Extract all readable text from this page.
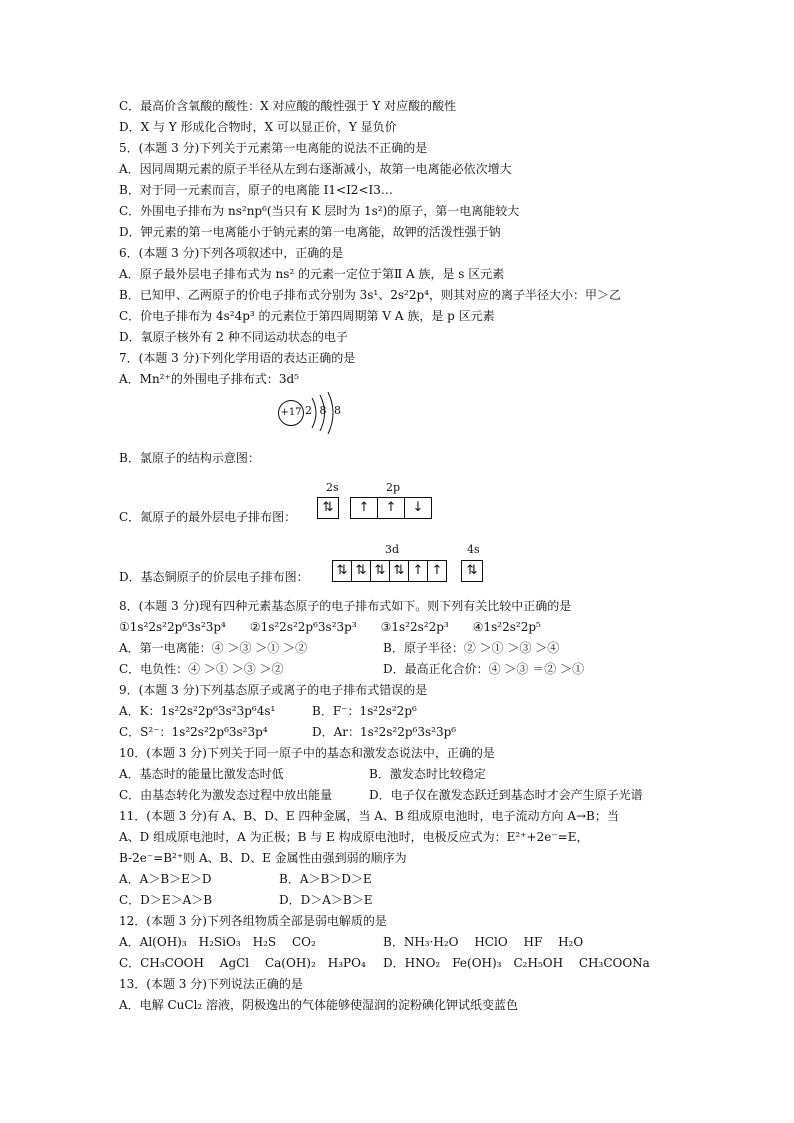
C．最高价含氧酸的酸性：X 对应酸的酸性强于 Y 对应酸的酸性
D．X 与 Y 形成化合物时，X 可以显正价，Y 显负价
5．(本题 3 分)下列关于元素第一电离能的说法不正确的是
A．因同周期元素的原子半径从左到右逐渐减小，故第一电离能必依次增大
B．对于同一元素而言，原子的电离能 I1<I2<I3…
C．外围电子排布为 ns²np⁶(当只有 K 层时为 1s²)的原子，第一电离能较大
D．钾元素的第一电离能小于钠元素的第一电离能，故钾的活泼性强于钠
6．(本题 3 分)下列各项叙述中，正确的是
A．原子最外层电子排布式为 ns² 的元素一定位于第Ⅱ A 族，是 s 区元素
B．已知甲、乙两原子的价电子排布式分别为 3s¹、2s²2p⁴，则其对应的离子半径大小：甲＞乙
C．价电子排布为 4s²4p³ 的元素位于第四周期第 Ⅴ A 族，是 p 区元素
D．氧原子核外有 2 种不同运动状态的电子
7．(本题 3 分)下列化学用语的表达正确的是
A．Mn²⁺的外围电子排布式：3d⁵
+17 2 8 8
B．氯原子的结构示意图：
2s	2p
⇅	↑	↑	↓
C．氮原子的最外层电子排布图：
3d	4s
⇅ ⇅ ⇅ ⇅ ↑ ↑	⇅
D．基态铜原子的价层电子排布图：
8．(本题 3 分)现有四种元素基态原子的电子排布式如下。则下列有关比较中正确的是
①1s²2s²2p⁶3s²3p⁴　　②1s²2s²2p⁶3s²3p³　　③1s²2s²2p³　　④1s²2s²2p⁵
A．第一电离能：④ ＞③ ＞① ＞②	B．原子半径：② ＞① ＞③ ＞④
C．电负性：④ ＞① ＞③ ＞②	D．最高正化合价：④ ＞③ ＝② ＞①
9．(本题 3 分)下列基态原子或离子的电子排布式错误的是
A．K：1s²2s²2p⁶3s²3p⁶4s¹	B．F⁻：1s²2s²2p⁶
C．S²⁻：1s²2s²2p⁶3s²3p⁴	D．Ar：1s²2s²2p⁶3s²3p⁶
10．(本题 3 分)下列关于同一原子中的基态和激发态说法中，正确的是
A．基态时的能量比激发态时低	B．激发态时比较稳定
C．由基态转化为激发态过程中放出能量	D．电子仅在激发态跃迁到基态时才会产生原子光谱
11．(本题 3 分)有 A、B、D、E 四种金属，当 A、B 组成原电池时，电子流动方向 A→B；当
A、D 组成原电池时，A 为正极；B 与 E 构成原电池时，电极反应式为：E²⁺+2e⁻=E，
B-2e⁻=B²⁺则 A、B、D、E 金属性由强到弱的顺序为
A．A＞B＞E＞D	B．A＞B＞D＞E
C．D＞E＞A＞B	D．D＞A＞B＞E
12．(本题 3 分)下列各组物质全部是弱电解质的是
A．Al(OH)₃　H₂SiO₃　H₂S　 CO₂	B．NH₃·H₂O　 HClO　 HF　 H₂O
C．CH₃COOH　 AgCl　 Ca(OH)₂　H₃PO₄ D．HNO₂　Fe(OH)₃　C₂H₅OH　 CH₃COONa
13．(本题 3 分)下列说法正确的是
A．电解 CuCl₂ 溶液，阴极逸出的气体能够使湿润的淀粉碘化钾试纸变蓝色
